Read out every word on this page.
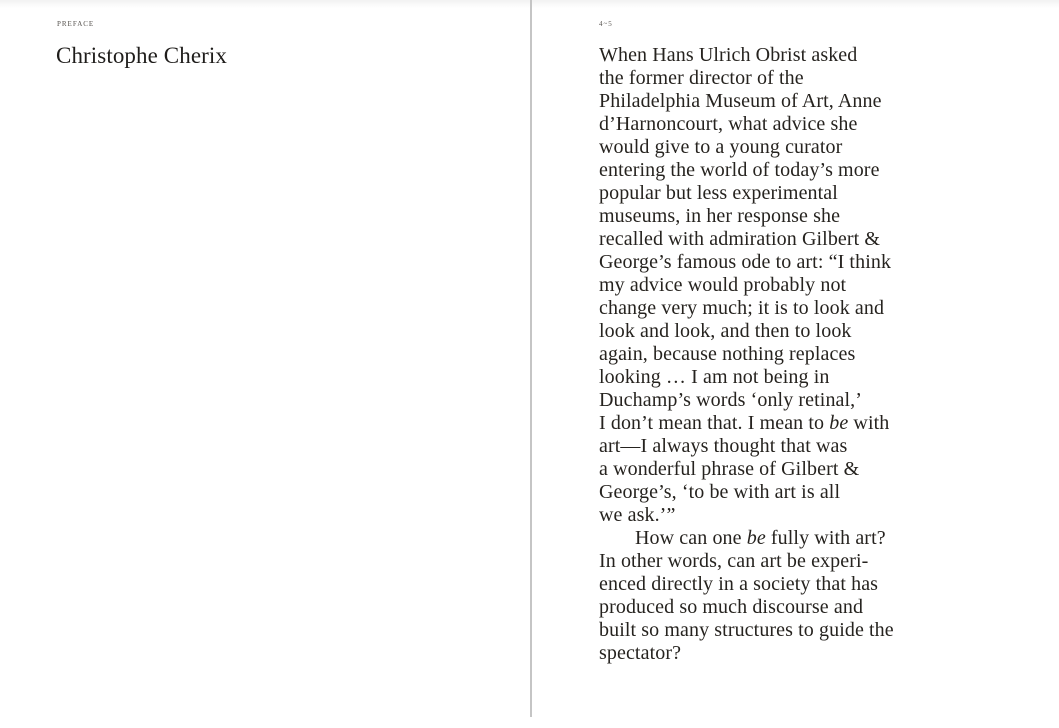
PREFACE
Christophe Cherix
4~5
When Hans Ulrich Obrist asked
the former director of the
Philadelphia Museum of Art, Anne
d’Harnoncourt, what advice she
would give to a young curator
entering the world of today’s more
popular but less experimental
museums, in her response she
recalled with admiration Gilbert &
George’s famous ode to art: “I think
my advice would probably not
change very much; it is to look and
look and look, and then to look
again, because nothing replaces
looking … I am not being in
Duchamp’s words ‘only retinal,’
I don’t mean that. I mean to be with
art—I always thought that was
a wonderful phrase of Gilbert &
George’s, ‘to be with art is all
we ask.’”
How can one be fully with art?
In other words, can art be experi-
enced directly in a society that has
produced so much discourse and
built so many structures to guide the
spectator?
